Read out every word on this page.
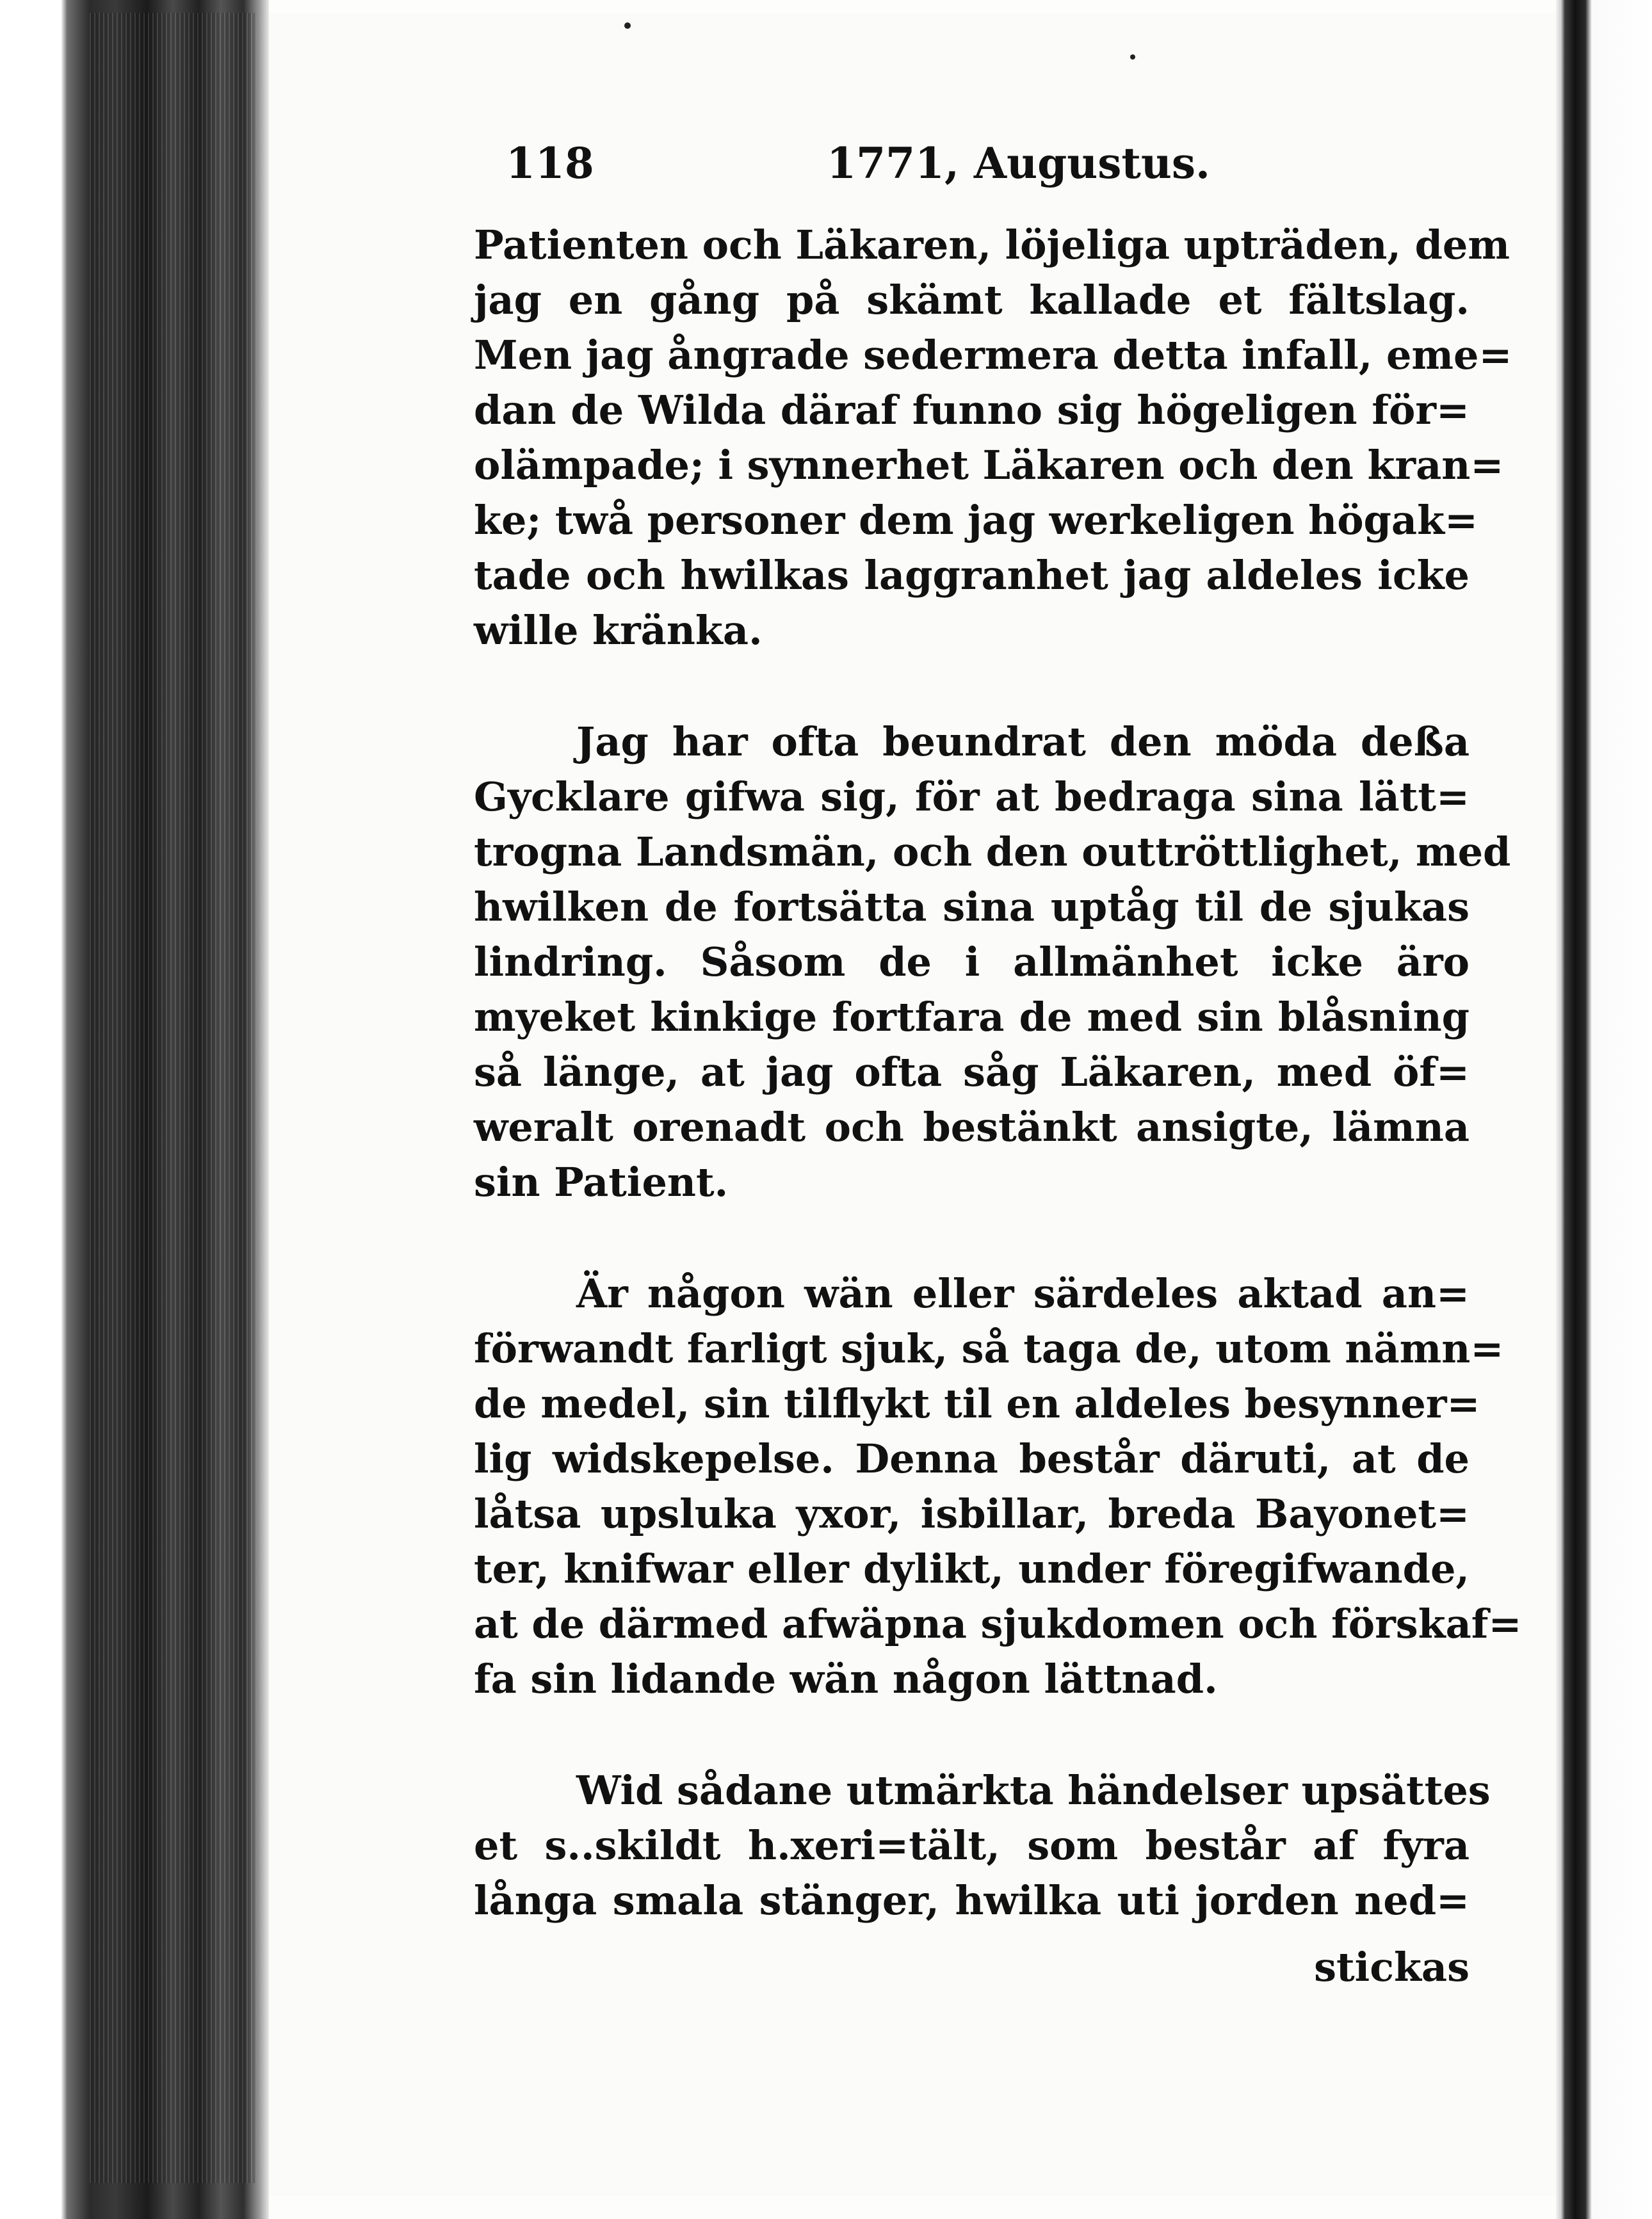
118	1771, Augustus.
Patienten och Läkaren, löjeliga upträden, dem
jag en gång på skämt kallade et fältslag.
Men jag ångrade sedermera detta infall, eme=
dan de Wilda däraf funno sig högeligen för=
olämpade; i synnerhet Läkaren och den kran=
ke; twå personer dem jag werkeligen högak=
tade och hwilkas laggranhet jag aldeles icke
wille kränka.
Jag har ofta beundrat den möda deßa
Gycklare gifwa sig, för at bedraga sina lätt=
trogna Landsmän, och den outtröttlighet, med
hwilken de fortsätta sina uptåg til de sjukas
lindring. Såsom de i allmänhet icke äro
myeket kinkige fortfara de med sin blåsning
så länge, at jag ofta såg Läkaren, med öf=
weralt orenadt och bestänkt ansigte, lämna
sin Patient.
Är någon wän eller särdeles aktad an=
förwandt farligt sjuk, så taga de, utom nämn=
de medel, sin tilflykt til en aldeles besynner=
lig widskepelse. Denna består däruti, at de
låtsa upsluka yxor, isbillar, breda Bayonet=
ter, knifwar eller dylikt, under föregifwande,
at de därmed afwäpna sjukdomen och förskaf=
fa sin lidande wän någon lättnad.
Wid sådane utmärkta händelser upsättes
et s..skildt h.xeri=tält, som består af fyra
långa smala stänger, hwilka uti jorden ned=
stickas
